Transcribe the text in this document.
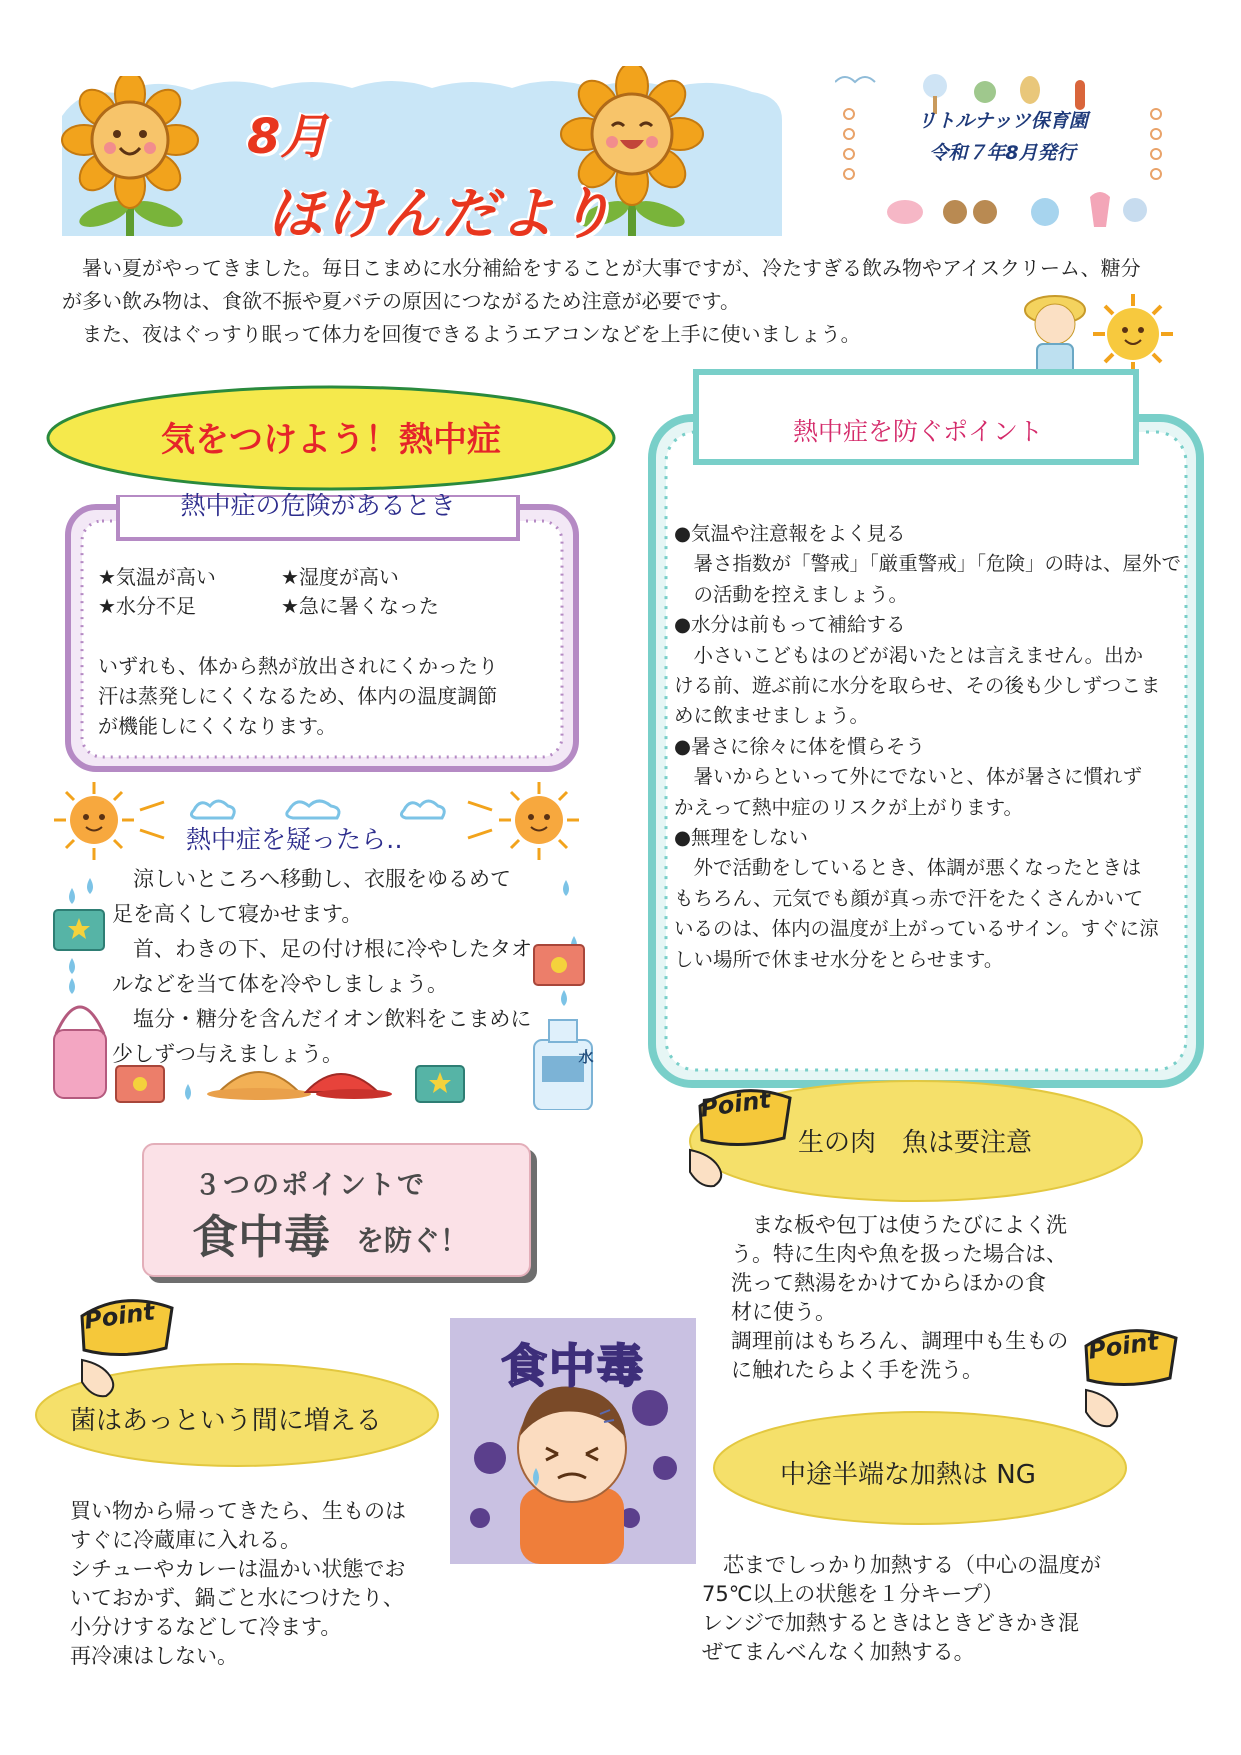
8月
ほけんだより
リトルナッツ保育園
令和７年8月発行

　暑い夏がやってきました。毎日こまめに水分補給をすることが大事ですが、冷たすぎる飲み物やアイスクリーム、糖分

が多い飲み物は、食欲不振や夏バテの原因につながるため注意が必要です。

　また、夜はぐっすり眠って体力を回復できるようエアコンなどを上手に使いましょう。

気をつけよう！熱中症
熱中症の危険があるとき
★気温が高い	★湿度が高い
★水分不足	★急に暑くなった

いずれも、体から熱が放出されにくかったり

汗は蒸発しにくくなるため、体内の温度調節

が機能しにくくなります。

水
熱中症を疑ったら‥

　涼しいところへ移動し、衣服をゆるめて

足を高くして寝かせます。

　首、わきの下、足の付け根に冷やしたタオ

ルなどを当て体を冷やしましょう。

　塩分・糖分を含んだイオン飲料をこまめに

少しずつ与えましょう。

熱中症を防ぐポイント

●気温や注意報をよく見る

　暑さ指数が「警戒」「厳重警戒」「危険」の時は、屋外で

　の活動を控えましょう。

●水分は前もって補給する

　小さいこどもはのどが渇いたとは言えません。出か

ける前、遊ぶ前に水分を取らせ、その後も少しずつこま

めに飲ませましょう。

●暑さに徐々に体を慣らそう

　暑いからといって外にでないと、体が暑さに慣れず

かえって熱中症のリスクが上がります。

●無理をしない

　外で活動をしているとき、体調が悪くなったときは

もちろん、元気でも顔が真っ赤で汗をたくさんかいて

いるのは、体内の温度が上がっているサイン。すぐに涼

しい場所で休ませ水分をとらせます。

３つのポイントで
食中毒 を防ぐ！
生の肉　魚は要注意
Point

　まな板や包丁は使うたびによく洗

う。特に生肉や魚を扱った場合は、

洗って熱湯をかけてからほかの食

材に使う。

調理前はもちろん、調理中も生もの

に触れたらよく手を洗う。

菌はあっという間に増える
Point

買い物から帰ってきたら、生ものは

すぐに冷蔵庫に入れる。

シチューやカレーは温かい状態でお

いておかず、鍋ごと水につけたり、

小分けするなどして冷ます。

再冷凍はしない。

食中毒
中途半端な加熱は NG
Point

　芯までしっかり加熱する（中心の温度が

75℃以上の状態を１分キープ）

レンジで加熱するときはときどきかき混

ぜてまんべんなく加熱する。
